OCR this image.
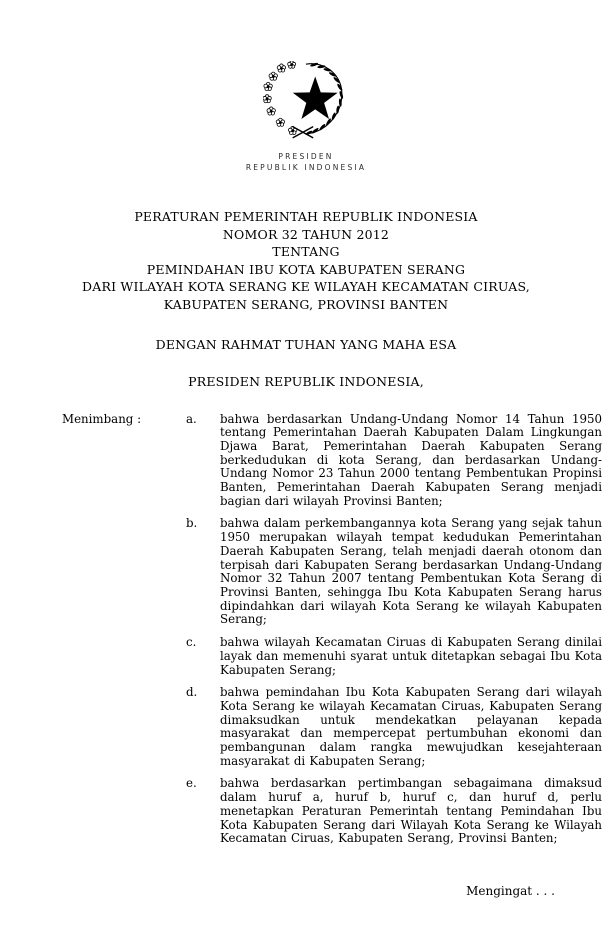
PRESIDEN
REPUBLIK INDONESIA
PERATURAN PEMERINTAH REPUBLIK INDONESIA
NOMOR 32 TAHUN 2012
TENTANG
PEMINDAHAN IBU KOTA KABUPATEN SERANG
DARI WILAYAH KOTA SERANG KE WILAYAH KECAMATAN CIRUAS,
KABUPATEN SERANG, PROVINSI BANTEN
DENGAN RAHMAT TUHAN YANG MAHA ESA
PRESIDEN REPUBLIK INDONESIA,
Menimbang :	a.	bahwa berdasarkan Undang-Undang Nomor 14 Tahun 1950 tentang Pemerintahan Daerah Kabupaten Dalam Lingkungan Djawa Barat, Pemerintahan Daerah Kabupaten Serang berkedudukan di kota Serang, dan berdasarkan Undang-Undang Nomor 23 Tahun 2000 tentang Pembentukan Propinsi Banten, Pemerintahan Daerah Kabupaten Serang menjadi bagian dari wilayah Provinsi Banten;
b.	bahwa dalam perkembangannya kota Serang yang sejak tahun 1950 merupakan wilayah tempat kedudukan Pemerintahan Daerah Kabupaten Serang, telah menjadi daerah otonom dan terpisah dari Kabupaten Serang berdasarkan Undang-Undang Nomor 32 Tahun 2007 tentang Pembentukan Kota Serang di Provinsi Banten, sehingga Ibu Kota Kabupaten Serang harus dipindahkan dari wilayah Kota Serang ke wilayah Kabupaten Serang;
c.	bahwa wilayah Kecamatan Ciruas di Kabupaten Serang dinilai layak dan memenuhi syarat untuk ditetapkan sebagai Ibu Kota Kabupaten Serang;
d.	bahwa pemindahan Ibu Kota Kabupaten Serang dari wilayah Kota Serang ke wilayah Kecamatan Ciruas, Kabupaten Serang dimaksudkan untuk mendekatkan pelayanan kepada masyarakat dan mempercepat pertumbuhan ekonomi dan pembangunan dalam rangka mewujudkan kesejahteraan masyarakat di Kabupaten Serang;
e.	bahwa berdasarkan pertimbangan sebagaimana dimaksud dalam huruf a, huruf b, huruf c, dan huruf d, perlu menetapkan Peraturan Pemerintah tentang Pemindahan Ibu Kota Kabupaten Serang dari Wilayah Kota Serang ke Wilayah Kecamatan Ciruas, Kabupaten Serang, Provinsi Banten;
Mengingat . . .
